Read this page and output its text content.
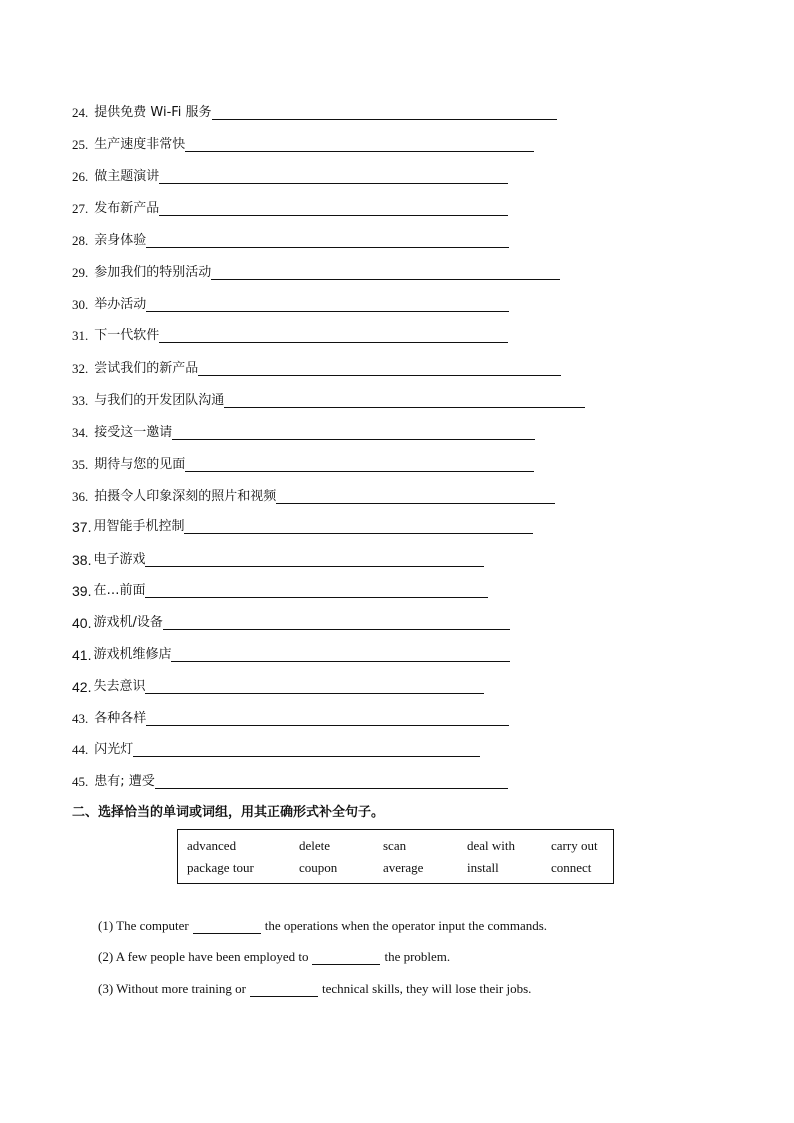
24. 提供免费 Wi-Fi 服务
25. 生产速度非常快
26. 做主题演讲
27. 发布新产品
28. 亲身体验
29. 参加我们的特别活动
30. 举办活动
31. 下一代软件
32. 尝试我们的新产品
33. 与我们的开发团队沟通
34. 接受这一邀请
35. 期待与您的见面
36. 拍摄令人印象深刻的照片和视频
37. 用智能手机控制
38. 电子游戏
39. 在…前面
40. 游戏机/设备
41. 游戏机维修店
42. 失去意识
43. 各种各样
44. 闪光灯
45. 患有; 遭受
二、选择恰当的单词或词组，用其正确形式补全句子。
advanced	delete	scan	deal with	carry out
package tour	coupon	average	install	connect
(1) The computer	the operations when the operator input the commands.
(2) A few people have been employed to	the problem.
(3) Without more training or	technical skills, they will lose their jobs.
